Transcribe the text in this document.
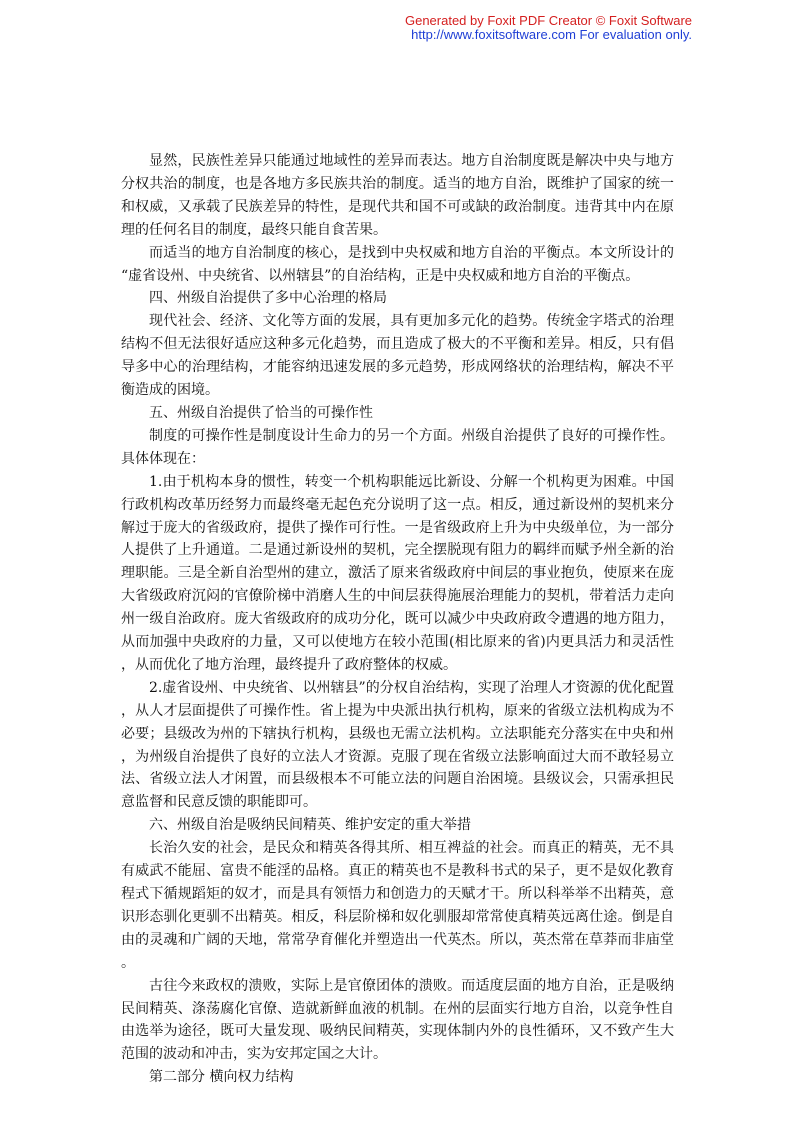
Generated by Foxit PDF Creator © Foxit Software
http://www.foxitsoftware.com For evaluation only.

显然，民族性差异只能通过地域性的差异而表达。地方自治制度既是解决中央与地方分权共治的制度，也是各地方多民族共治的制度。适当的地方自治，既维护了国家的统一和权威，又承载了民族差异的特性，是现代共和国不可或缺的政治制度。违背其中内在原理的任何名目的制度，最终只能自食苦果。

而适当的地方自治制度的核心，是找到中央权威和地方自治的平衡点。本文所设计的“虚省设州、中央统省、以州辖县”的自治结构，正是中央权威和地方自治的平衡点。

四、州级自治提供了多中心治理的格局

现代社会、经济、文化等方面的发展，具有更加多元化的趋势。传统金字塔式的治理结构不但无法很好适应这种多元化趋势，而且造成了极大的不平衡和差异。相反，只有倡导多中心的治理结构，才能容纳迅速发展的多元趋势，形成网络状的治理结构，解决不平衡造成的困境。

五、州级自治提供了恰当的可操作性

制度的可操作性是制度设计生命力的另一个方面。州级自治提供了良好的可操作性。具体体现在：

1.由于机构本身的惯性，转变一个机构职能远比新设、分解一个机构更为困难。中国行政机构改革历经努力而最终毫无起色充分说明了这一点。相反，通过新设州的契机来分解过于庞大的省级政府，提供了操作可行性。一是省级政府上升为中央级单位，为一部分人提供了上升通道。二是通过新设州的契机，完全摆脱现有阻力的羁绊而赋予州全新的治理职能。三是全新自治型州的建立，激活了原来省级政府中间层的事业抱负，使原来在庞大省级政府沉闷的官僚阶梯中消磨人生的中间层获得施展治理能力的契机，带着活力走向州一级自治政府。庞大省级政府的成功分化，既可以减少中央政府政令遭遇的地方阻力，从而加强中央政府的力量，又可以使地方在较小范围(相比原来的省)内更具活力和灵活性，从而优化了地方治理，最终提升了政府整体的权威。

2.虚省设州、中央统省、以州辖县”的分权自治结构，实现了治理人才资源的优化配置，从人才层面提供了可操作性。省上提为中央派出执行机构，原来的省级立法机构成为不必要；县级改为州的下辖执行机构，县级也无需立法机构。立法职能充分落实在中央和州，为州级自治提供了良好的立法人才资源。克服了现在省级立法影响面过大而不敢轻易立法、省级立法人才闲置，而县级根本不可能立法的问题自治困境。县级议会，只需承担民意监督和民意反馈的职能即可。

六、州级自治是吸纳民间精英、维护安定的重大举措

长治久安的社会，是民众和精英各得其所、相互裨益的社会。而真正的精英，无不具有威武不能屈、富贵不能淫的品格。真正的精英也不是教科书式的呆子，更不是奴化教育程式下循规蹈矩的奴才，而是具有领悟力和创造力的天赋才干。所以科举举不出精英，意识形态驯化更驯不出精英。相反，科层阶梯和奴化驯服却常常使真精英远离仕途。倒是自由的灵魂和广阔的天地，常常孕育催化并塑造出一代英杰。所以，英杰常在草莽而非庙堂。

古往今来政权的溃败，实际上是官僚团体的溃败。而适度层面的地方自治，正是吸纳民间精英、涤荡腐化官僚、造就新鲜血液的机制。在州的层面实行地方自治，以竞争性自由选举为途径，既可大量发现、吸纳民间精英，实现体制内外的良性循环，又不致产生大范围的波动和冲击，实为安邦定国之大计。

第二部分 横向权力结构
